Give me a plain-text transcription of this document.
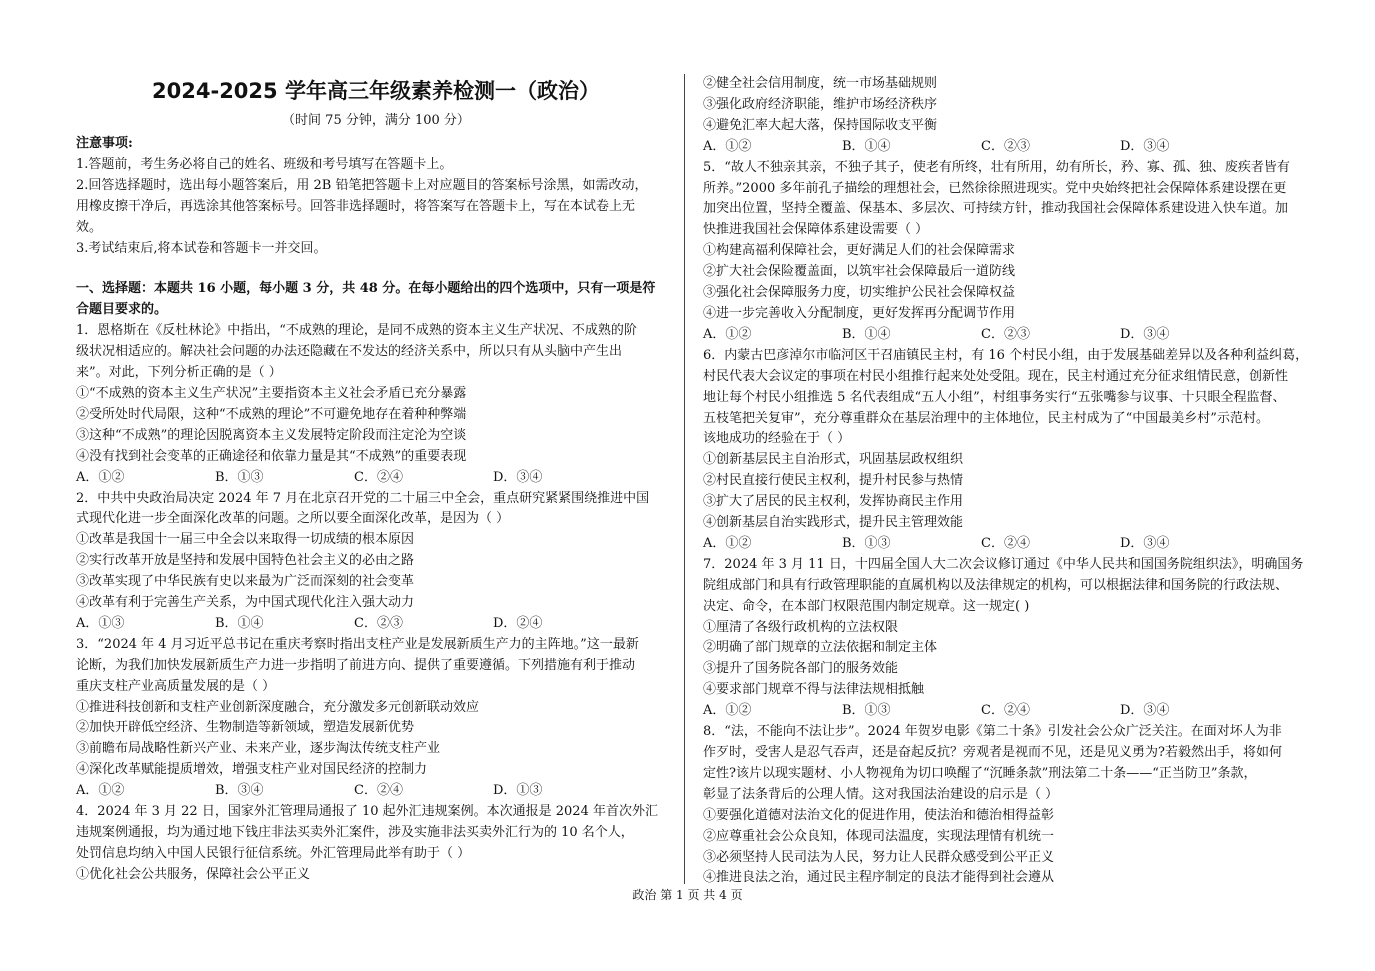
2024-2025 学年高三年级素养检测一（政治）
（时间 75 分钟，满分 100 分）
注意事项:
1.答题前，考生务必将自己的姓名、班级和考号填写在答题卡上。
2.回答选择题时，选出每小题答案后，用 2B 铅笔把答题卡上对应题目的答案标号涂黑，如需改动，
用橡皮擦干净后，再选涂其他答案标号。回答非选择题时，将答案写在答题卡上，写在本试卷上无
效。
3.考试结束后,将本试卷和答题卡一并交回。
一、选择题：本题共 16 小题，每小题 3 分，共 48 分。在每小题给出的四个选项中，只有一项是符
合题目要求的。
1．恩格斯在《反杜林论》中指出，“不成熟的理论，是同不成熟的资本主义生产状况、不成熟的阶
级状况相适应的。解决社会问题的办法还隐藏在不发达的经济关系中，所以只有从头脑中产生出
来”。对此，下列分析正确的是（ ）
①“不成熟的资本主义生产状况”主要指资本主义社会矛盾已充分暴露
②受所处时代局限，这种“不成熟的理论”不可避免地存在着种种弊端
③这种“不成熟”的理论因脱离资本主义发展特定阶段而注定沦为空谈
④没有找到社会变革的正确途径和依靠力量是其“不成熟”的重要表现
A．①②	B．①③	C．②④	D．③④
2．中共中央政治局决定 2024 年 7 月在北京召开党的二十届三中全会，重点研究紧紧围绕推进中国
式现代化进一步全面深化改革的问题。之所以要全面深化改革，是因为（ ）
①改革是我国十一届三中全会以来取得一切成绩的根本原因
②实行改革开放是坚持和发展中国特色社会主义的必由之路
③改革实现了中华民族有史以来最为广泛而深刻的社会变革
④改革有利于完善生产关系，为中国式现代化注入强大动力
A．①③	B．①④	C．②③	D．②④
3．“2024 年 4 月习近平总书记在重庆考察时指出支柱产业是发展新质生产力的主阵地。”这一最新
论断，为我们加快发展新质生产力进一步指明了前进方向、提供了重要遵循。下列措施有利于推动
重庆支柱产业高质量发展的是（ ）
①推进科技创新和支柱产业创新深度融合，充分激发多元创新联动效应
②加快开辟低空经济、生物制造等新领域，塑造发展新优势
③前瞻布局战略性新兴产业、未来产业，逐步淘汰传统支柱产业
④深化改革赋能提质增效，增强支柱产业对国民经济的控制力
A．①②	B．③④	C．②④	D．①③
4．2024 年 3 月 22 日，国家外汇管理局通报了 10 起外汇违规案例。本次通报是 2024 年首次外汇
违规案例通报，均为通过地下钱庄非法买卖外汇案件，涉及实施非法买卖外汇行为的 10 名个人，
处罚信息均纳入中国人民银行征信系统。外汇管理局此举有助于（ ）
①优化社会公共服务，保障社会公平正义
②健全社会信用制度，统一市场基础规则
③强化政府经济职能，维护市场经济秩序
④避免汇率大起大落，保持国际收支平衡
A．①②	B．①④	C．②③	D．③④
5．“故人不独亲其亲，不独子其子，使老有所终，壮有所用，幼有所长，矜、寡、孤、独、废疾者皆有
所养。”2000 多年前孔子描绘的理想社会，已然徐徐照进现实。党中央始终把社会保障体系建设摆在更
加突出位置，坚持全覆盖、保基本、多层次、可持续方针，推动我国社会保障体系建设进入快车道。加
快推进我国社会保障体系建设需要（ ）
①构建高福利保障社会，更好满足人们的社会保障需求
②扩大社会保险覆盖面，以筑牢社会保障最后一道防线
③强化社会保障服务力度，切实维护公民社会保障权益
④进一步完善收入分配制度，更好发挥再分配调节作用
A．①②	B．①④	C．②③	D．③④
6．内蒙古巴彦淖尔市临河区干召庙镇民主村，有 16 个村民小组，由于发展基础差异以及各种利益纠葛，
村民代表大会议定的事项在村民小组推行起来处处受阻。现在，民主村通过充分征求组情民意，创新性
地让每个村民小组推选 5 名代表组成“五人小组”，村组事务实行“五张嘴参与议事、十只眼全程监督、
五枝笔把关复审”，充分尊重群众在基层治理中的主体地位，民主村成为了“中国最美乡村”示范村。
该地成功的经验在于（ ）
①创新基层民主自治形式，巩固基层政权组织
②村民直接行使民主权利，提升村民参与热情
③扩大了居民的民主权利，发挥协商民主作用
④创新基层自治实践形式，提升民主管理效能
A．①②	B．①③	C．②④	D．③④
7．2024 年 3 月 11 日，十四届全国人大二次会议修订通过《中华人民共和国国务院组织法》，明确国务
院组成部门和具有行政管理职能的直属机构以及法律规定的机构，可以根据法律和国务院的行政法规、
决定、命令，在本部门权限范围内制定规章。这一规定( )
①厘清了各级行政机构的立法权限
②明确了部门规章的立法依据和制定主体
③提升了国务院各部门的服务效能
④要求部门规章不得与法律法规相抵触
A．①②	B．①③	C．②④	D．③④
8．“法，不能向不法让步”。2024 年贺岁电影《第二十条》引发社会公众广泛关注。在面对坏人为非
作歹时，受害人是忍气吞声，还是奋起反抗？旁观者是视而不见，还是见义勇为?若毅然出手，将如何
定性?该片以现实题材、小人物视角为切口唤醒了“沉睡条款”刑法第二十条——“正当防卫”条款，
彰显了法条背后的公理人情。这对我国法治建设的启示是（ ）
①要强化道德对法治文化的促进作用，使法治和德治相得益彰
②应尊重社会公众良知，体现司法温度，实现法理情有机统一
③必须坚持人民司法为人民，努力让人民群众感受到公平正义
④推进良法之治，通过民主程序制定的良法才能得到社会遵从
政治 第 1 页 共 4 页
